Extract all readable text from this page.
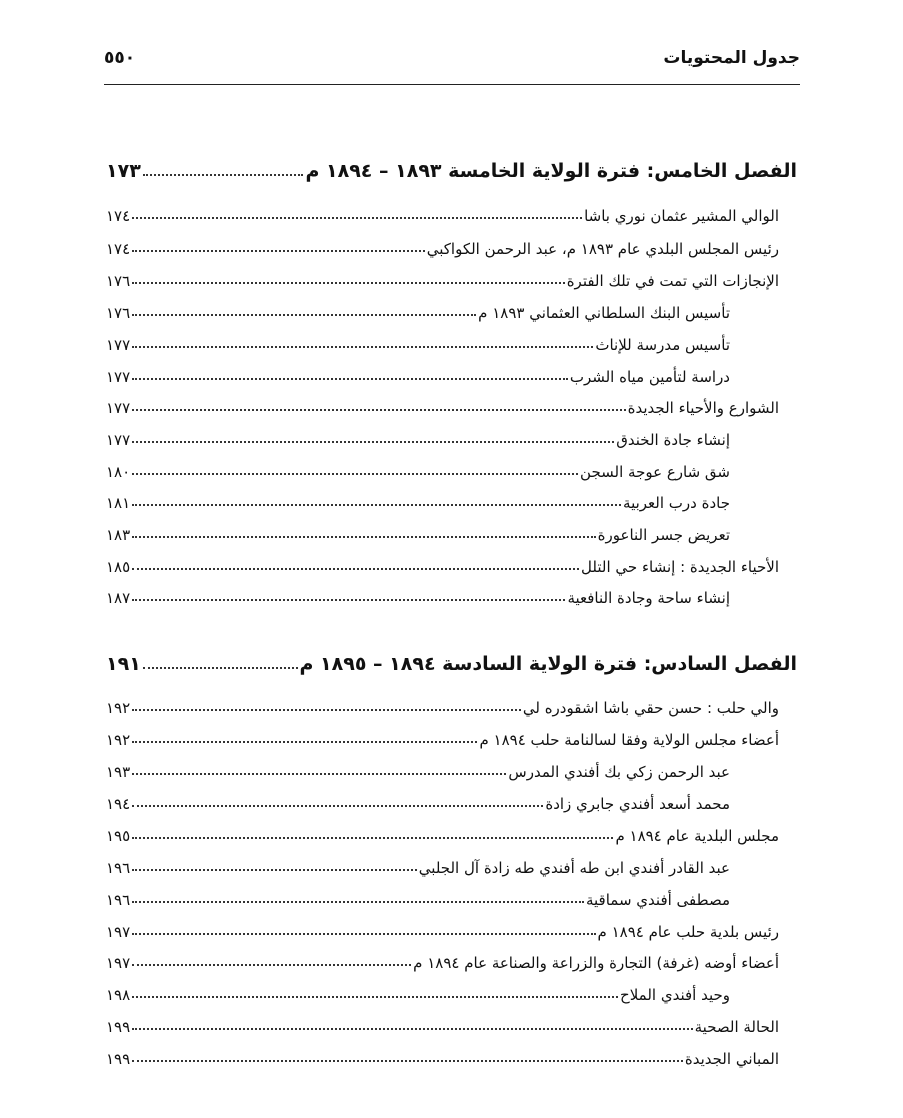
جدول المحتويات
٥٥٠
الفصل الخامس: فترة الولاية الخامسة ١٨٩٣ – ١٨٩٤ م
١٧٣
الوالي المشير عثمان نوري باشا
١٧٤
رئيس المجلس البلدي عام ١٨٩٣ م، عبد الرحمن الكواكبي
١٧٤
الإنجازات التي تمت في تلك الفترة
١٧٦
تأسيس البنك السلطاني العثماني ١٨٩٣ م
١٧٦
تأسيس مدرسة للإناث
١٧٧
دراسة لتأمين مياه الشرب
١٧٧
الشوارع والأحياء الجديدة
١٧٧
إنشاء جادة الخندق
١٧٧
شق شارع عوجة السجن
١٨٠
جادة درب العربية
١٨١
تعريض جسر الناعورة
١٨٣
الأحياء الجديدة : إنشاء حي التلل
١٨٥
إنشاء ساحة وجادة النافعية
١٨٧
الفصل السادس: فترة الولاية السادسة ١٨٩٤ – ١٨٩٥ م
١٩١
والي حلب : حسن حقي باشا اشقودره لي
١٩٢
أعضاء مجلس الولاية وفقا لسالنامة حلب ١٨٩٤ م
١٩٢
عبد الرحمن زكي بك أفندي المدرس
١٩٣
محمد أسعد أفندي جابري زادة
١٩٤
مجلس البلدية عام ١٨٩٤ م
١٩٥
عبد القادر أفندي ابن طه أفندي طه زادة آل الجلبي
١٩٦
مصطفى أفندي سماقية
١٩٦
رئيس بلدية حلب عام ١٨٩٤ م
١٩٧
أعضاء أوضه (غرفة) التجارة والزراعة والصناعة عام ١٨٩٤ م
١٩٧
وحيد أفندي الملاح
١٩٨
الحالة الصحية
١٩٩
المباني الجديدة
١٩٩
